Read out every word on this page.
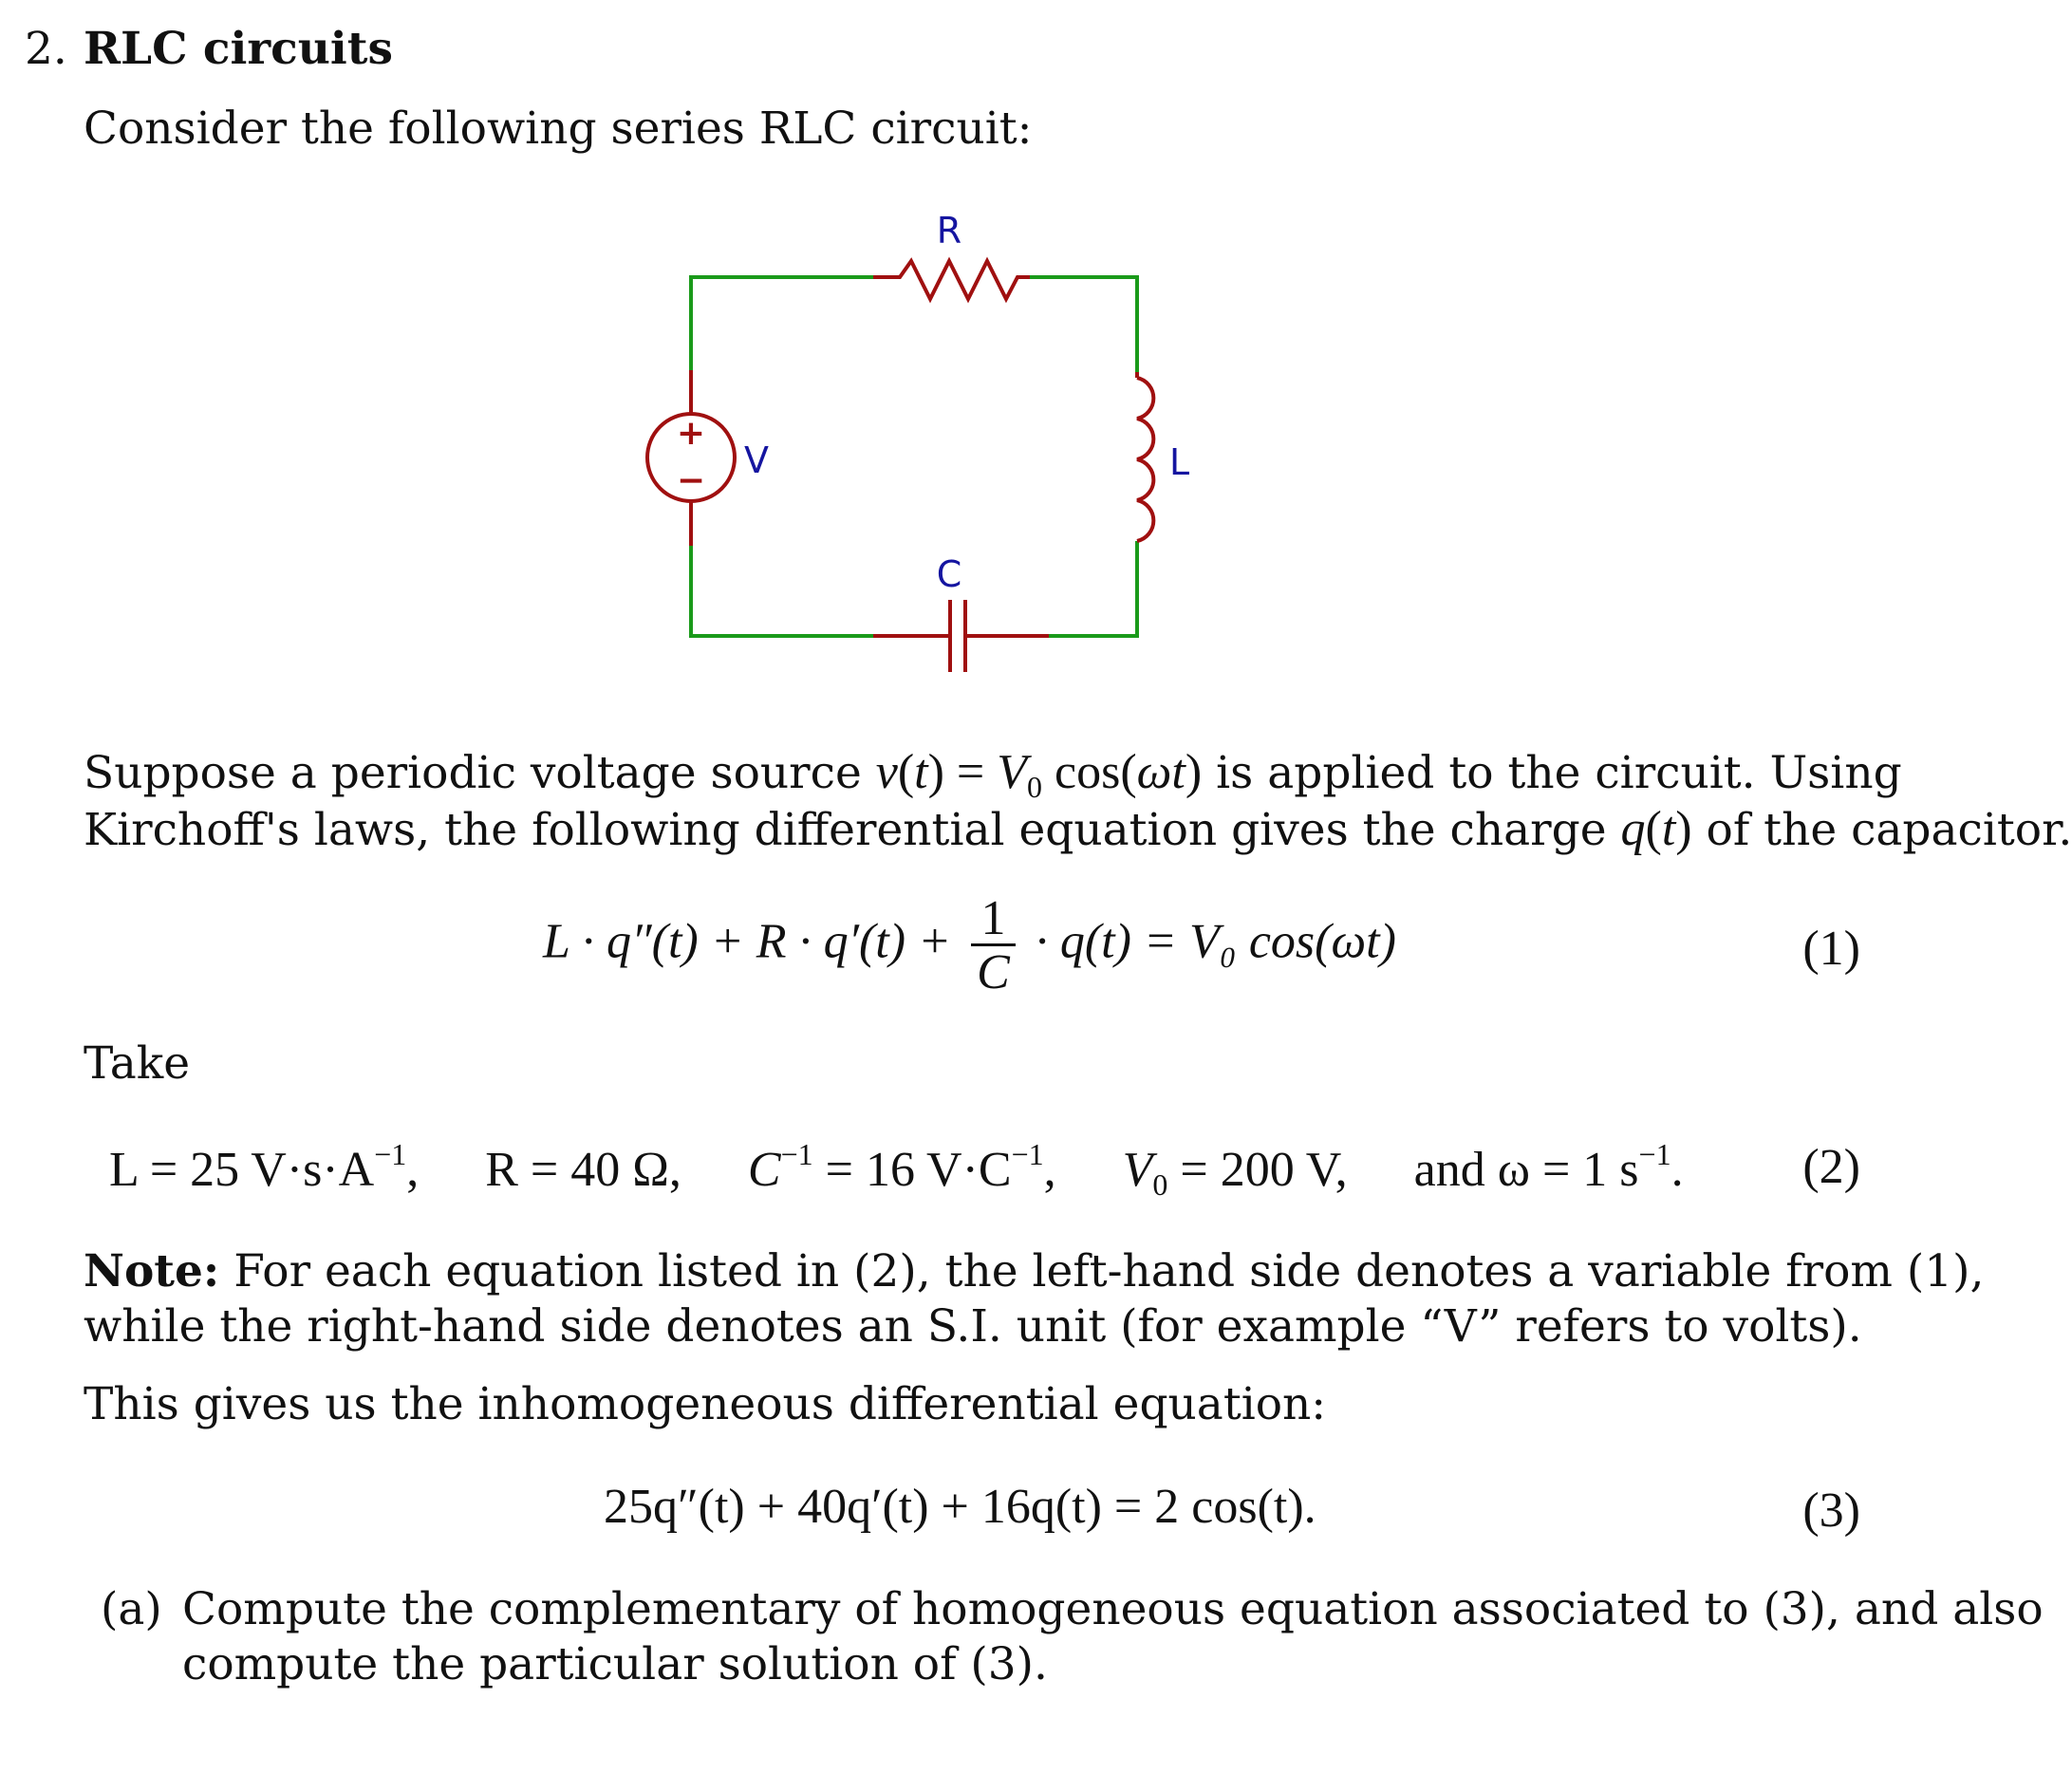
2. RLC circuits
Consider the following series RLC circuit:
+
−
R
L
C
V
Suppose a periodic voltage source $v(t) = V_0$ cos(ωt) is applied to the circuit. Using
Kirchoff's laws, the following differential equation gives the charge q(t) of the capacitor.
$L \cdot q''(t) + R \cdot q'(t) + \frac{1}{C} \cdot q(t) = V_0$ cos(ωt)	(1)
Take
L = 25 $V\cdot s\cdot A^{-1}$,  R = 40 Ω, $C^{-1} = 16$ $V\cdot C^{-1}$,  $V_0 = 200$ V, and ω = 1 $s^{-1}$. (2)
Note: For each equation listed in (2), the left-hand side denotes a variable from (1),
while the right-hand side denotes an S.I. unit (for example “V” refers to volts).
This gives us the inhomogeneous differential equation:
25q″(t) + 40q′(t) + 16q(t) = 2 cos(t).	(3)
(a) Compute the complementary of homogeneous equation associated to (3), and also
compute the particular solution of (3).
